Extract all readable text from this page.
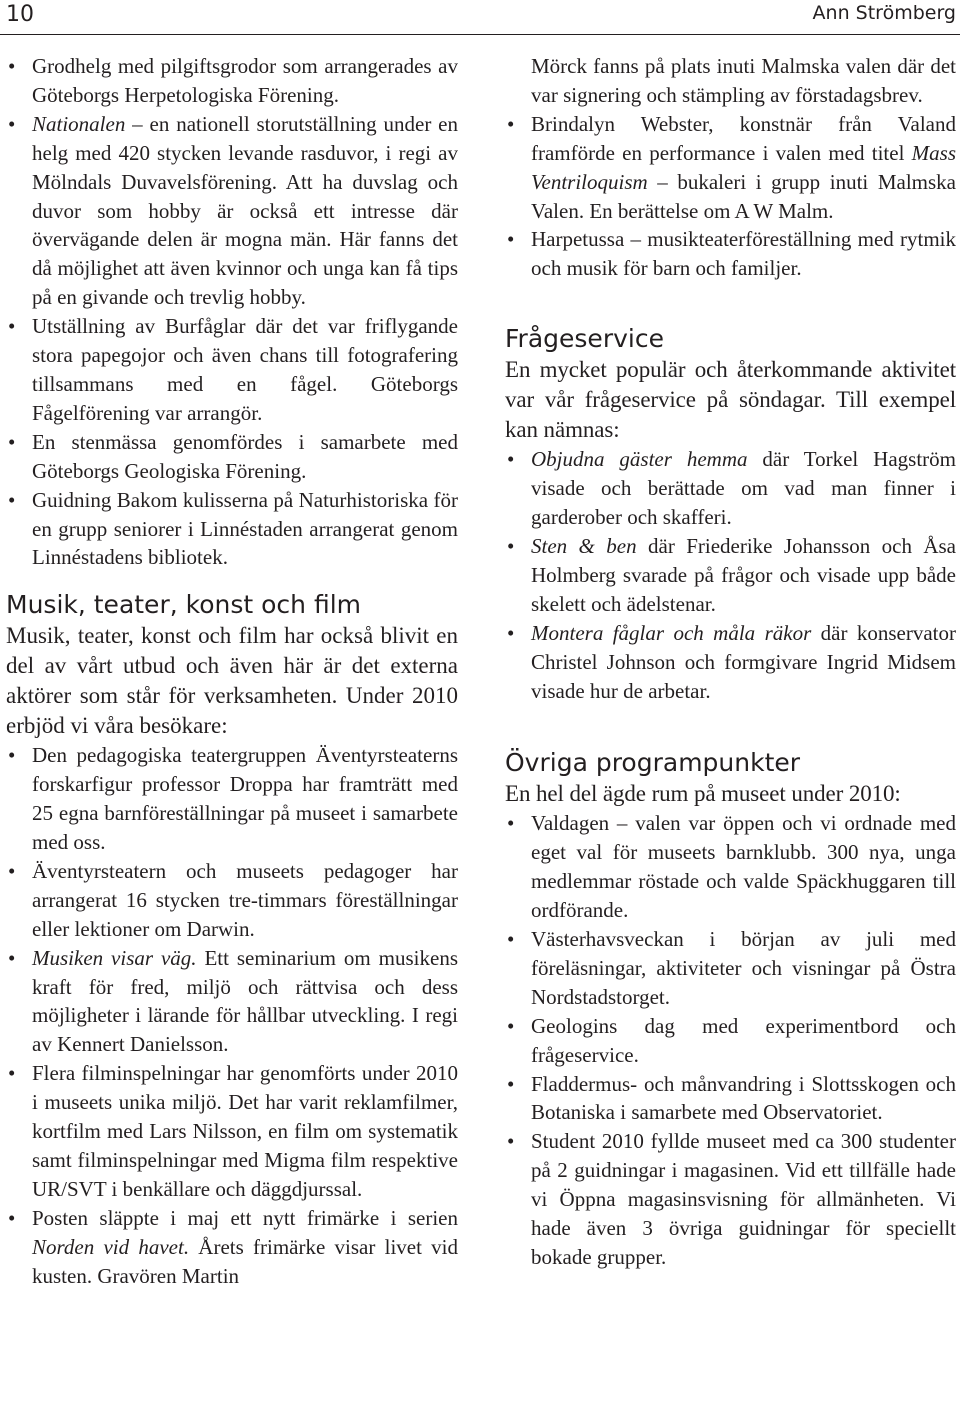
10	Ann Strömberg
• Grodhelg med pilgiftsgrodor som arrangerades av Göteborgs Herpetologiska Förening.
• Nationalen – en nationell storutställning under en helg med 420 stycken levande rasduvor, i regi av Mölndals Duvavelsförening. Att ha duvslag och duvor som hobby är också ett intresse där övervägande delen är mogna män. Här fanns det då möjlighet att även kvinnor och unga kan få tips på en givande och trevlig hobby.
• Utställning av Burfåglar där det var friflygande stora papegojor och även chans till fotografering tillsammans med en fågel. Göteborgs Fågelförening var arrangör.
• En stenmässa genomfördes i samarbete med Göteborgs Geologiska Förening.
• Guidning Bakom kulisserna på Naturhistoriska för en grupp seniorer i Linnéstaden arrangerat genom Linnéstadens bibliotek.
Musik, teater, konst och film

Musik, teater, konst och film har också blivit en del av vårt utbud och även här är det externa aktörer som står för verksamheten. Under 2010 erbjöd vi våra besökare:

• Den pedagogiska teatergruppen Äventyrsteaterns forskarfigur professor Droppa har framträtt med 25 egna barnföreställningar på museet i samarbete med oss.
• Äventyrsteatern och museets pedagoger har arrangerat 16 stycken tre-timmars föreställningar eller lektioner om Darwin.
• Musiken visar väg. Ett seminarium om musikens kraft för fred, miljö och rättvisa och dess möjligheter i lärande för hållbar utveckling. I regi av Kennert Danielsson.
• Flera filminspelningar har genomförts under 2010 i museets unika miljö. Det har varit reklamfilmer, kortfilm med Lars Nilsson, en film om systematik samt filminspelningar med Migma film respektive UR/SVT i benkällare och däggdjurssal.
• Posten släppte i maj ett nytt frimärke i serien Norden vid havet. Årets frimärke visar livet vid kusten. Gravören Martin

Mörck fanns på plats inuti Malmska valen där det var signering och stämpling av förstadagsbrev.

• Brindalyn Webster, konstnär från Valand framförde en performance i valen med titel Mass Ventriloquism – bukaleri i grupp inuti Malmska Valen. En berättelse om A W Malm.
• Harpetussa – musikteaterföreställning med rytmik och musik för barn och familjer.
Frågeservice

En mycket populär och återkommande aktivitet var vår frågeservice på söndagar. Till exempel kan nämnas:

• Objudna gäster hemma där Torkel Hagström visade och berättade om vad man finner i garderober och skafferi.
• Sten & ben där Friederike Johansson och Åsa Holmberg svarade på frågor och visade upp både skelett och ädelstenar.
• Montera fåglar och måla räkor där konservator Christel Johnson och formgivare Ingrid Midsem visade hur de arbetar.
Övriga programpunkter

En hel del ägde rum på museet under 2010:

• Valdagen – valen var öppen och vi ordnade med eget val för museets barnklubb. 300 nya, unga medlemmar röstade och valde Späckhuggaren till ordförande.
• Västerhavsveckan i början av juli med föreläsningar, aktiviteter och visningar på Östra Nordstadstorget.
• Geologins dag med experimentbord och frågeservice.
• Fladdermus- och månvandring i Slottsskogen och Botaniska i samarbete med Observatoriet.
• Student 2010 fyllde museet med ca 300 studenter på 2 guidningar i magasinen. Vid ett tillfälle hade vi Öppna magasinsvisning för allmänheten. Vi hade även 3 övriga guidningar för speciellt bokade grupper.
